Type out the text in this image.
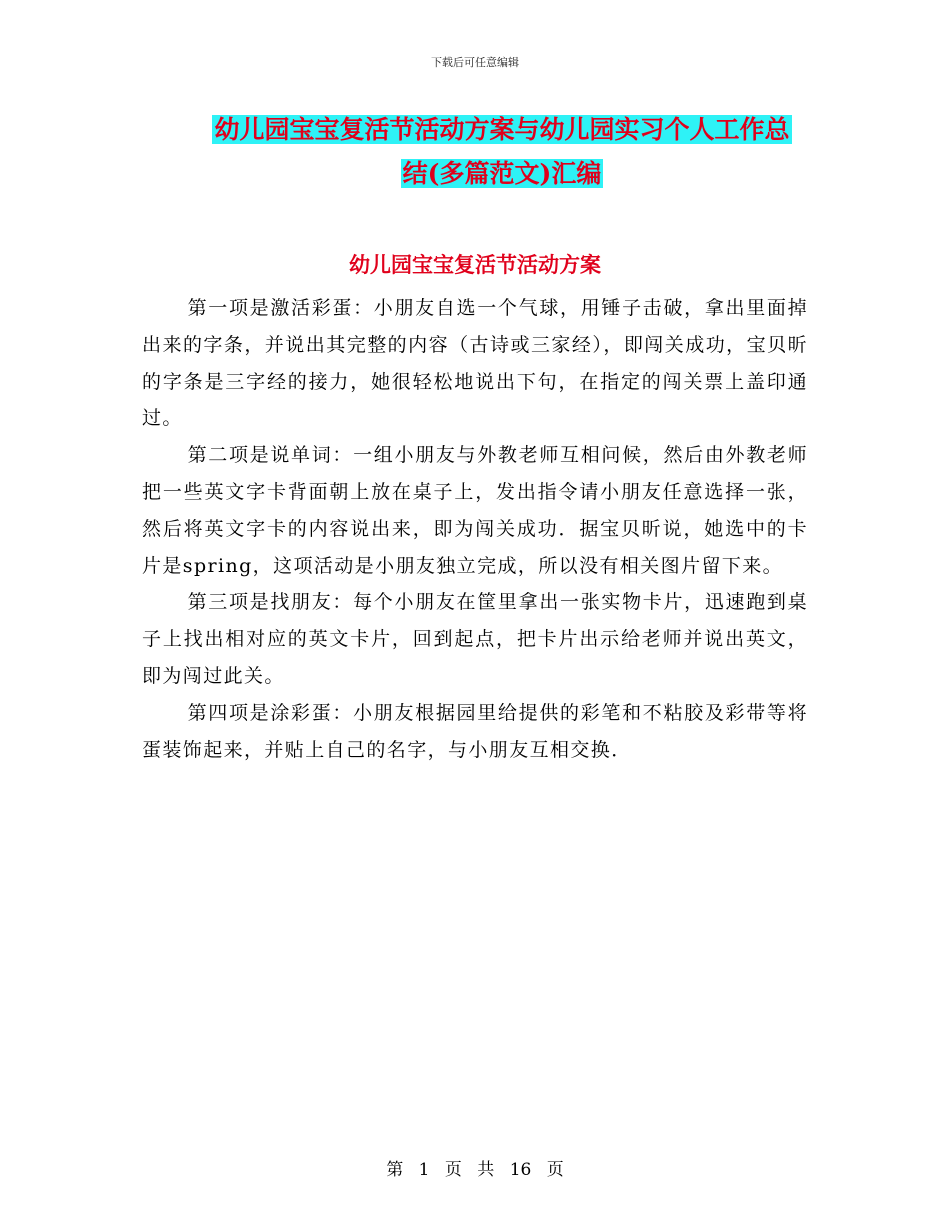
下载后可任意编辑
幼儿园宝宝复活节活动方案与幼儿园实习个人工作总
结(多篇范文)汇编
幼儿园宝宝复活节活动方案

第一项是激活彩蛋：小朋友自选一个气球，用锤子击破，拿出里面掉出来的字条，并说出其完整的内容（古诗或三家经），即闯关成功，宝贝昕的字条是三字经的接力，她很轻松地说出下句，在指定的闯关票上盖印通过。

第二项是说单词：一组小朋友与外教老师互相问候，然后由外教老师把一些英文字卡背面朝上放在桌子上，发出指令请小朋友任意选择一张，然后将英文字卡的内容说出来，即为闯关成功．据宝贝昕说，她选中的卡片是spring，这项活动是小朋友独立完成，所以没有相关图片留下来。

第三项是找朋友：每个小朋友在筐里拿出一张实物卡片，迅速跑到桌子上找出相对应的英文卡片，回到起点，把卡片出示给老师并说出英文，即为闯过此关。

第四项是涂彩蛋：小朋友根据园里给提供的彩笔和不粘胶及彩带等将蛋装饰起来，并贴上自己的名字，与小朋友互相交换．

第 1 页 共 16 页
